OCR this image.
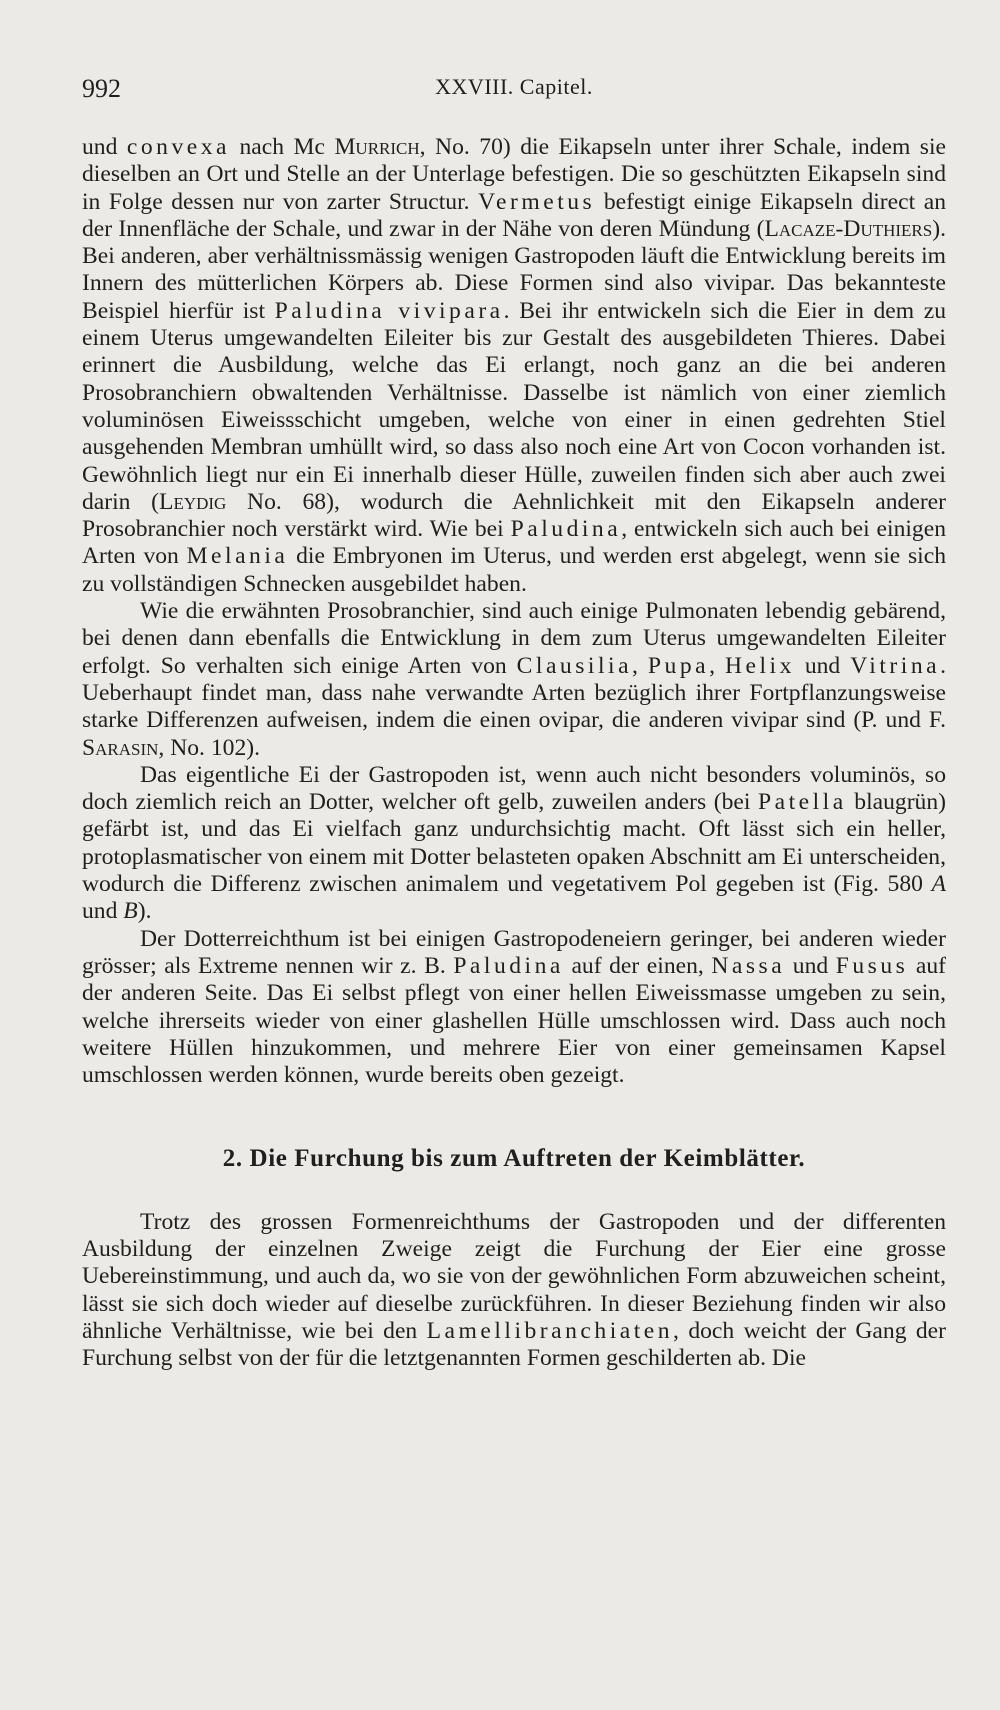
992	XXVIII. Capitel.

und convexa nach Mc Murrich, No. 70) die Eikapseln unter ihrer Schale, indem sie dieselben an Ort und Stelle an der Unterlage befestigen. Die so geschützten Eikapseln sind in Folge dessen nur von zarter Structur. Vermetus befestigt einige Eikapseln direct an der Innenfläche der Schale, und zwar in der Nähe von deren Mündung (Lacaze-Duthiers). Bei anderen, aber verhältnissmässig wenigen Gastropoden läuft die Entwicklung bereits im Innern des mütterlichen Körpers ab. Diese Formen sind also vivipar. Das bekannteste Beispiel hierfür ist Paludina vivipara. Bei ihr entwickeln sich die Eier in dem zu einem Uterus umgewandelten Eileiter bis zur Gestalt des ausgebildeten Thieres. Dabei erinnert die Ausbildung, welche das Ei erlangt, noch ganz an die bei anderen Prosobranchiern obwaltenden Verhältnisse. Dasselbe ist nämlich von einer ziemlich voluminösen Eiweissschicht umgeben, welche von einer in einen gedrehten Stiel ausgehenden Membran umhüllt wird, so dass also noch eine Art von Cocon vorhanden ist. Gewöhnlich liegt nur ein Ei innerhalb dieser Hülle, zuweilen finden sich aber auch zwei darin (Leydig No. 68), wodurch die Aehnlichkeit mit den Eikapseln anderer Prosobranchier noch verstärkt wird. Wie bei Paludina, entwickeln sich auch bei einigen Arten von Melania die Embryonen im Uterus, und werden erst abgelegt, wenn sie sich zu vollständigen Schnecken ausgebildet haben.

Wie die erwähnten Prosobranchier, sind auch einige Pulmonaten lebendig gebärend, bei denen dann ebenfalls die Entwicklung in dem zum Uterus umgewandelten Eileiter erfolgt. So verhalten sich einige Arten von Clausilia, Pupa, Helix und Vitrina. Ueberhaupt findet man, dass nahe verwandte Arten bezüglich ihrer Fortpflanzungsweise starke Differenzen aufweisen, indem die einen ovipar, die anderen vivipar sind (P. und F. Sarasin, No. 102).

Das eigentliche Ei der Gastropoden ist, wenn auch nicht besonders voluminös, so doch ziemlich reich an Dotter, welcher oft gelb, zuweilen anders (bei Patella blaugrün) gefärbt ist, und das Ei vielfach ganz undurchsichtig macht. Oft lässt sich ein heller, protoplasmatischer von einem mit Dotter belasteten opaken Abschnitt am Ei unterscheiden, wodurch die Differenz zwischen animalem und vegetativem Pol gegeben ist (Fig. 580 A und B).

Der Dotterreichthum ist bei einigen Gastropodeneiern geringer, bei anderen wieder grösser; als Extreme nennen wir z. B. Paludina auf der einen, Nassa und Fusus auf der anderen Seite. Das Ei selbst pflegt von einer hellen Eiweissmasse umgeben zu sein, welche ihrerseits wieder von einer glashellen Hülle umschlossen wird. Dass auch noch weitere Hüllen hinzukommen, und mehrere Eier von einer gemeinsamen Kapsel umschlossen werden können, wurde bereits oben gezeigt.

2. Die Furchung bis zum Auftreten der Keimblätter.

Trotz des grossen Formenreichthums der Gastropoden und der differenten Ausbildung der einzelnen Zweige zeigt die Furchung der Eier eine grosse Uebereinstimmung, und auch da, wo sie von der gewöhnlichen Form abzuweichen scheint, lässt sie sich doch wieder auf dieselbe zurückführen. In dieser Beziehung finden wir also ähnliche Verhältnisse, wie bei den Lamellibranchiaten, doch weicht der Gang der Furchung selbst von der für die letztgenannten Formen geschilderten ab. Die
